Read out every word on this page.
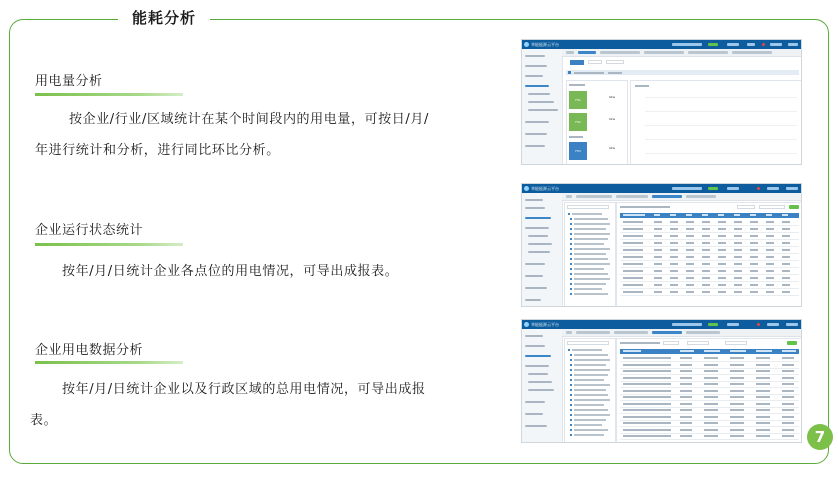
能耗分析
用电量分析
按企业/行业/区域统计在某个时间段内的用电量，可按日/月/
年进行统计和分析，进行同比环比分析。
企业运行状态统计
按年/月/日统计企业各点位的用电情况，可导出成报表。
企业用电数据分析
按年/月/日统计企业以及行政区域的总用电情况，可导出成报
表。
华能能源云平台
F01
0kw
F02
0kw
F03
0kw
华能能源云平台
华能能源云平台
7
